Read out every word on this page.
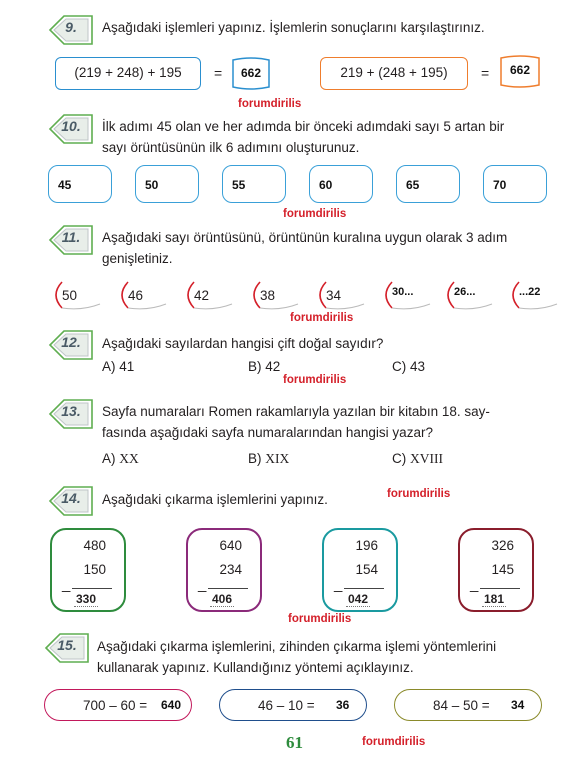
9.	Aşağıdaki işlemleri yapınız. İşlemlerin sonuçlarını karşılaştırınız.
(219 + 248) + 195	=	662	219 + (248 + 195)	=	662
forumdirilis
10.	İlk adımı 45 olan ve her adımda bir önceki adımdaki sayı 5 artan bir
sayı örüntüsünün ilk 6 adımını oluşturunuz.
45	50	55	60	65	70
forumdirilis
11.	Aşağıdaki sayı örüntüsünü, örüntünün kuralına uygun olarak 3 adım
genişletiniz.
50	46	42	38	34	30...	26...	...22
forumdirilis
12.	Aşağıdaki sayılardan hangisi çift doğal sayıdır?
A) 41	B) 42	C) 43
forumdirilis
13.	Sayfa numaraları Romen rakamlarıyla yazılan bir kitabın 18. say-
fasında aşağıdaki sayfa numaralarından hangisi yazar?
A) XX	B) XIX	C) XVIII
14.	Aşağıdaki çıkarma işlemlerini yapınız.	forumdirilis
480
_
150
330
640
_
234
406
196
_
154
042
326
_
145
181
forumdirilis
15.	Aşağıdaki çıkarma işlemlerini, zihinden çıkarma işlemi yöntemlerini
kullanarak yapınız. Kullandığınız yöntemi açıklayınız.
700 – 60 = 640	46 – 10 = 36	84 – 50 = 34
61	forumdirilis
